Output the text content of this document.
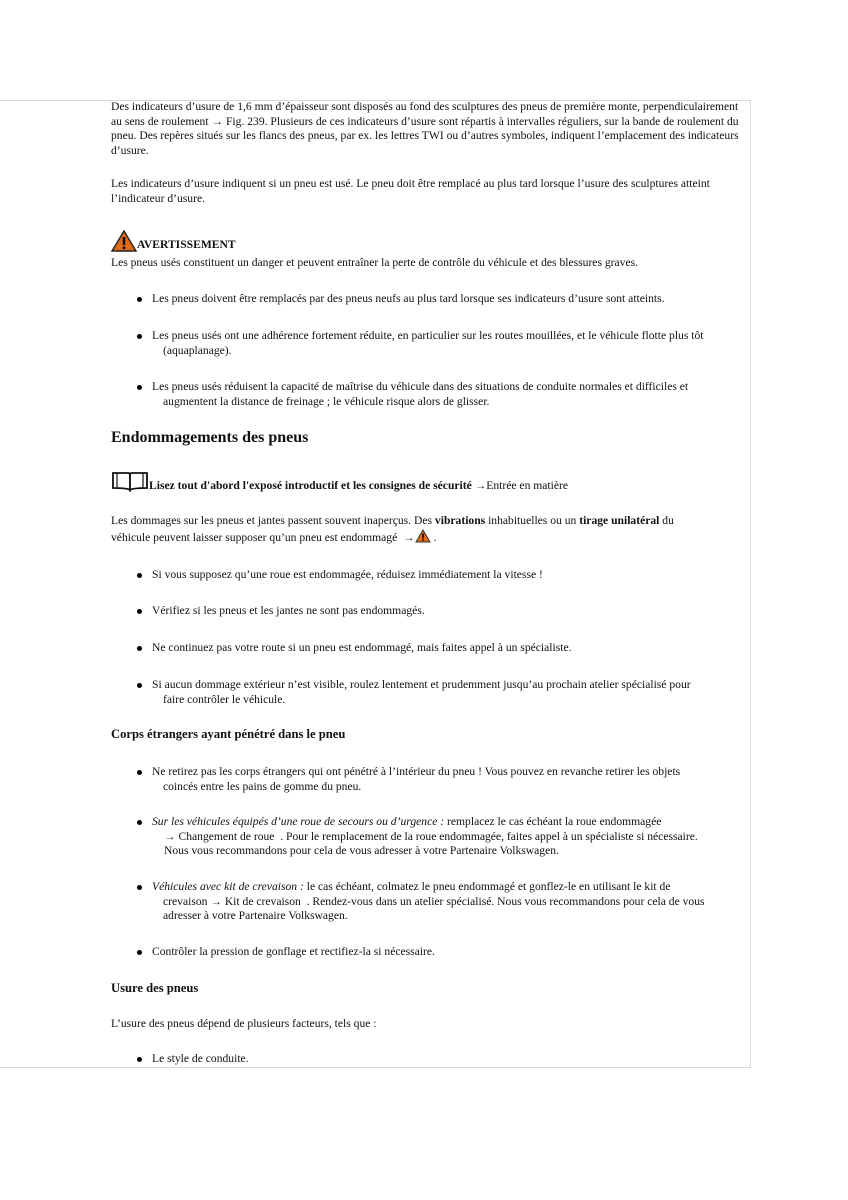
Des indicateurs d’usure de 1,6 mm d’épaisseur sont disposés au fond des sculptures des pneus de première monte, perpendiculairement au sens de roulement → Fig. 239. Plusieurs de ces indicateurs d’usure sont répartis à intervalles réguliers, sur la bande de roulement du pneu. Des repères situés sur les flancs des pneus, par ex. les lettres TWI ou d’autres symboles, indiquent l’emplacement des indicateurs d’usure.
Les indicateurs d’usure indiquent si un pneu est usé. Le pneu doit être remplacé au plus tard lorsque l’usure des sculptures atteint l’indicateur d’usure.
AVERTISSEMENT
Les pneus usés constituent un danger et peuvent entraîner la perte de contrôle du véhicule et des blessures graves.
Les pneus doivent être remplacés par des pneus neufs au plus tard lorsque ses indicateurs d’usure sont atteints.
Les pneus usés ont une adhérence fortement réduite, en particulier sur les routes mouillées, et le véhicule flotte plus tôt
(aquaplanage).
Les pneus usés réduisent la capacité de maîtrise du véhicule dans des situations de conduite normales et difficiles et
augmentent la distance de freinage ; le véhicule risque alors de glisser.
Endommagements des pneus
Lisez tout d'abord l'exposé introductif et les consignes de sécurité →Entrée en matière
Les dommages sur les pneus et jantes passent souvent inaperçus. Des vibrations inhabituelles ou un tirage unilatéral du
véhicule peuvent laisser supposer qu’un pneu est endommagé → .
Si vous supposez qu’une roue est endommagée, réduisez immédiatement la vitesse !
Vérifiez si les pneus et les jantes ne sont pas endommagés.
Ne continuez pas votre route si un pneu est endommagé, mais faites appel à un spécialiste.
Si aucun dommage extérieur n’est visible, roulez lentement et prudemment jusqu’au prochain atelier spécialisé pour
faire contrôler le véhicule.
Corps étrangers ayant pénétré dans le pneu
Ne retirez pas les corps étrangers qui ont pénétré à l’intérieur du pneu ! Vous pouvez en revanche retirer les objets
coincés entre les pains de gomme du pneu.
Sur les véhicules équipés d’une roue de secours ou d’urgence : remplacez le cas échéant la roue endommagée
→ Changement de roue . Pour le remplacement de la roue endommagée, faites appel à un spécialiste si nécessaire.
Nous vous recommandons pour cela de vous adresser à votre Partenaire Volkswagen.
Véhicules avec kit de crevaison : le cas échéant, colmatez le pneu endommagé et gonflez-le en utilisant le kit de
crevaison → Kit de crevaison . Rendez-vous dans un atelier spécialisé. Nous vous recommandons pour cela de vous
adresser à votre Partenaire Volkswagen.
Contrôler la pression de gonflage et rectifiez-la si nécessaire.
Usure des pneus
L’usure des pneus dépend de plusieurs facteurs, tels que :
Le style de conduite.
